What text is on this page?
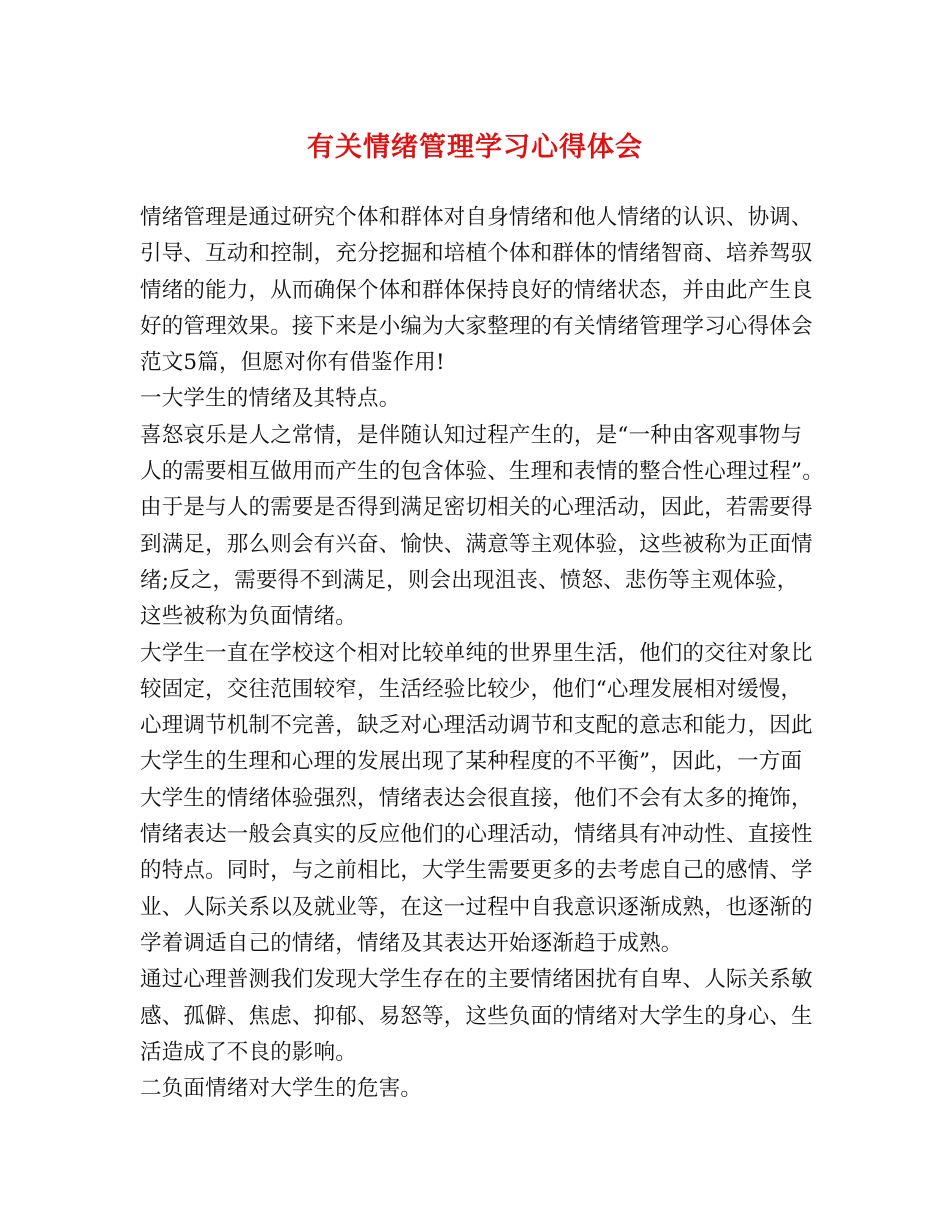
有关情绪管理学习心得体会
情绪管理是通过研究个体和群体对自身情绪和他人情绪的认识、协调、
引导、互动和控制，充分挖掘和培植个体和群体的情绪智商、培养驾驭
情绪的能力，从而确保个体和群体保持良好的情绪状态，并由此产生良
好的管理效果。接下来是小编为大家整理的有关情绪管理学习心得体会
范文5篇，但愿对你有借鉴作用!
一大学生的情绪及其特点。
喜怒哀乐是人之常情，是伴随认知过程产生的，是“一种由客观事物与
人的需要相互做用而产生的包含体验、生理和表情的整合性心理过程”。
由于是与人的需要是否得到满足密切相关的心理活动，因此，若需要得
到满足，那么则会有兴奋、愉快、满意等主观体验，这些被称为正面情
绪;反之，需要得不到满足，则会出现沮丧、愤怒、悲伤等主观体验，
这些被称为负面情绪。
大学生一直在学校这个相对比较单纯的世界里生活，他们的交往对象比
较固定，交往范围较窄，生活经验比较少，他们“心理发展相对缓慢，
心理调节机制不完善，缺乏对心理活动调节和支配的意志和能力，因此
大学生的生理和心理的发展出现了某种程度的不平衡”，因此，一方面
大学生的情绪体验强烈，情绪表达会很直接，他们不会有太多的掩饰，
情绪表达一般会真实的反应他们的心理活动，情绪具有冲动性、直接性
的特点。同时，与之前相比，大学生需要更多的去考虑自己的感情、学
业、人际关系以及就业等，在这一过程中自我意识逐渐成熟，也逐渐的
学着调适自己的情绪，情绪及其表达开始逐渐趋于成熟。
通过心理普测我们发现大学生存在的主要情绪困扰有自卑、人际关系敏
感、孤僻、焦虑、抑郁、易怒等，这些负面的情绪对大学生的身心、生
活造成了不良的影响。
二负面情绪对大学生的危害。
